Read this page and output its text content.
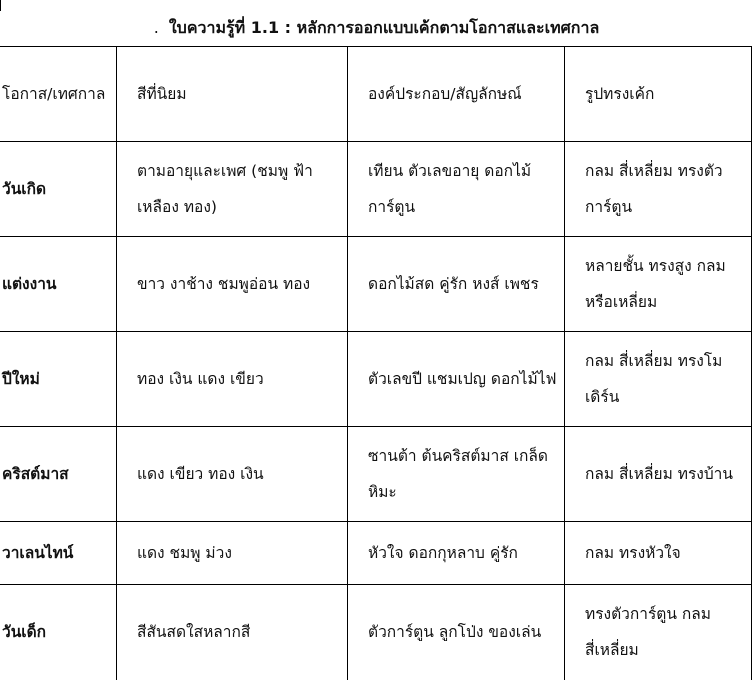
. ใบความรู้ที่ 1.1 : หลักการออกแบบเค้กตามโอกาสและเทศกาล
โอกาส/เทศกาล	สีที่นิยม	องค์ประกอบ/สัญลักษณ์	รูปทรงเค้ก
วันเกิด	ตามอายุและเพศ (ชมพู ฟ้า เหลือง ทอง)	เทียน ตัวเลขอายุ ดอกไม้ การ์ตูน	กลม สี่เหลี่ยม ทรงตัวการ์ตูน
แต่งงาน	ขาว งาช้าง ชมพูอ่อน ทอง	ดอกไม้สด คู่รัก หงส์ เพชร	หลายชั้น ทรงสูง กลม หรือเหลี่ยม
ปีใหม่	ทอง เงิน แดง เขียว	ตัวเลขปี แชมเปญ ดอกไม้ไฟ	กลม สี่เหลี่ยม ทรงโมเดิร์น
คริสต์มาส	แดง เขียว ทอง เงิน	ซานต้า ต้นคริสต์มาส เกล็ดหิมะ	กลม สี่เหลี่ยม ทรงบ้าน
วาเลนไทน์	แดง ชมพู ม่วง	หัวใจ ดอกกุหลาบ คู่รัก	กลม ทรงหัวใจ
วันเด็ก	สีสันสดใสหลากสี	ตัวการ์ตูน ลูกโป่ง ของเล่น	ทรงตัวการ์ตูน กลม สี่เหลี่ยม
